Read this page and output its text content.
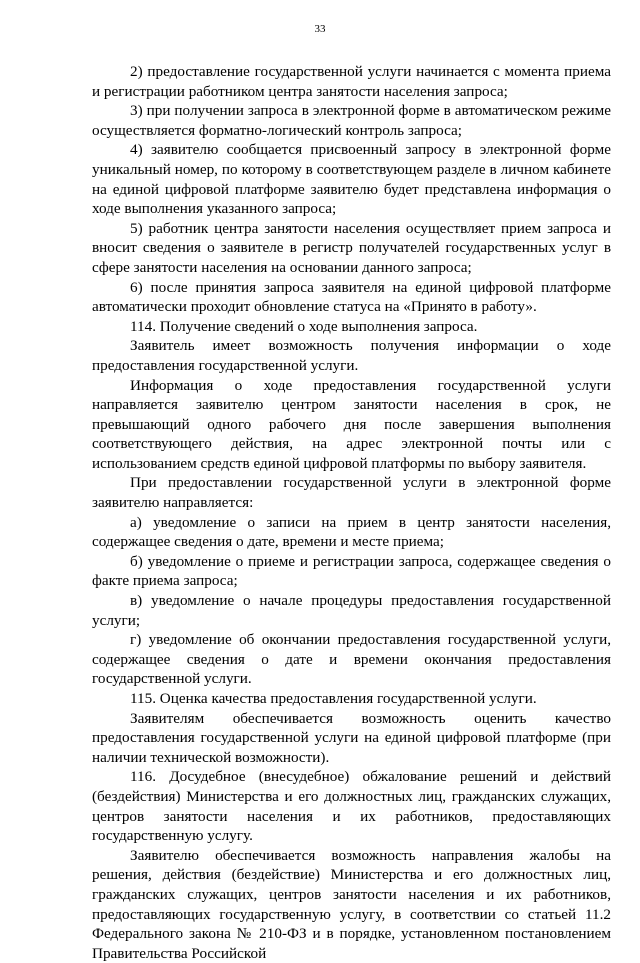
33

2) предоставление государственной услуги начинается с момента приема и регистрации работником центра занятости населения запроса;

3) при получении запроса в электронной форме в автоматическом режиме осуществляется форматно-логический контроль запроса;

4) заявителю сообщается присвоенный запросу в электронной форме уникальный номер, по которому в соответствующем разделе в личном кабинете на единой цифровой платформе заявителю будет представлена информация о ходе выполнения указанного запроса;

5) работник центра занятости населения осуществляет прием запроса и вносит сведения о заявителе в регистр получателей государственных услуг в сфере занятости населения на основании данного запроса;

6) после принятия запроса заявителя на единой цифровой платформе автоматически проходит обновление статуса на «Принято в работу».

114. Получение сведений о ходе выполнения запроса.

Заявитель имеет возможность получения информации о ходе предоставления государственной услуги.

Информация о ходе предоставления государственной услуги направляется заявителю центром занятости населения в срок, не превышающий одного рабочего дня после завершения выполнения соответствующего действия, на адрес электронной почты или с использованием средств единой цифровой платформы по выбору заявителя.

При предоставлении государственной услуги в электронной форме заявителю направляется:

а) уведомление о записи на прием в центр занятости населения, содержащее сведения о дате, времени и месте приема;

б) уведомление о приеме и регистрации запроса, содержащее сведения о факте приема запроса;

в) уведомление о начале процедуры предоставления государственной услуги;

г) уведомление об окончании предоставления государственной услуги, содержащее сведения о дате и времени окончания предоставления государственной услуги.

115. Оценка качества предоставления государственной услуги.

Заявителям обеспечивается возможность оценить качество предоставления государственной услуги на единой цифровой платформе (при наличии технической возможности).

116. Досудебное (внесудебное) обжалование решений и действий (бездействия) Министерства и его должностных лиц, гражданских служащих, центров занятости населения и их работников, предоставляющих государственную услугу.

Заявителю обеспечивается возможность направления жалобы на решения, действия (бездействие) Министерства и его должностных лиц, гражданских служащих, центров занятости населения и их работников, предоставляющих государственную услугу, в соответствии со статьей 11.2 Федерального закона № 210-ФЗ и в порядке, установленном постановлением Правительства Российской
